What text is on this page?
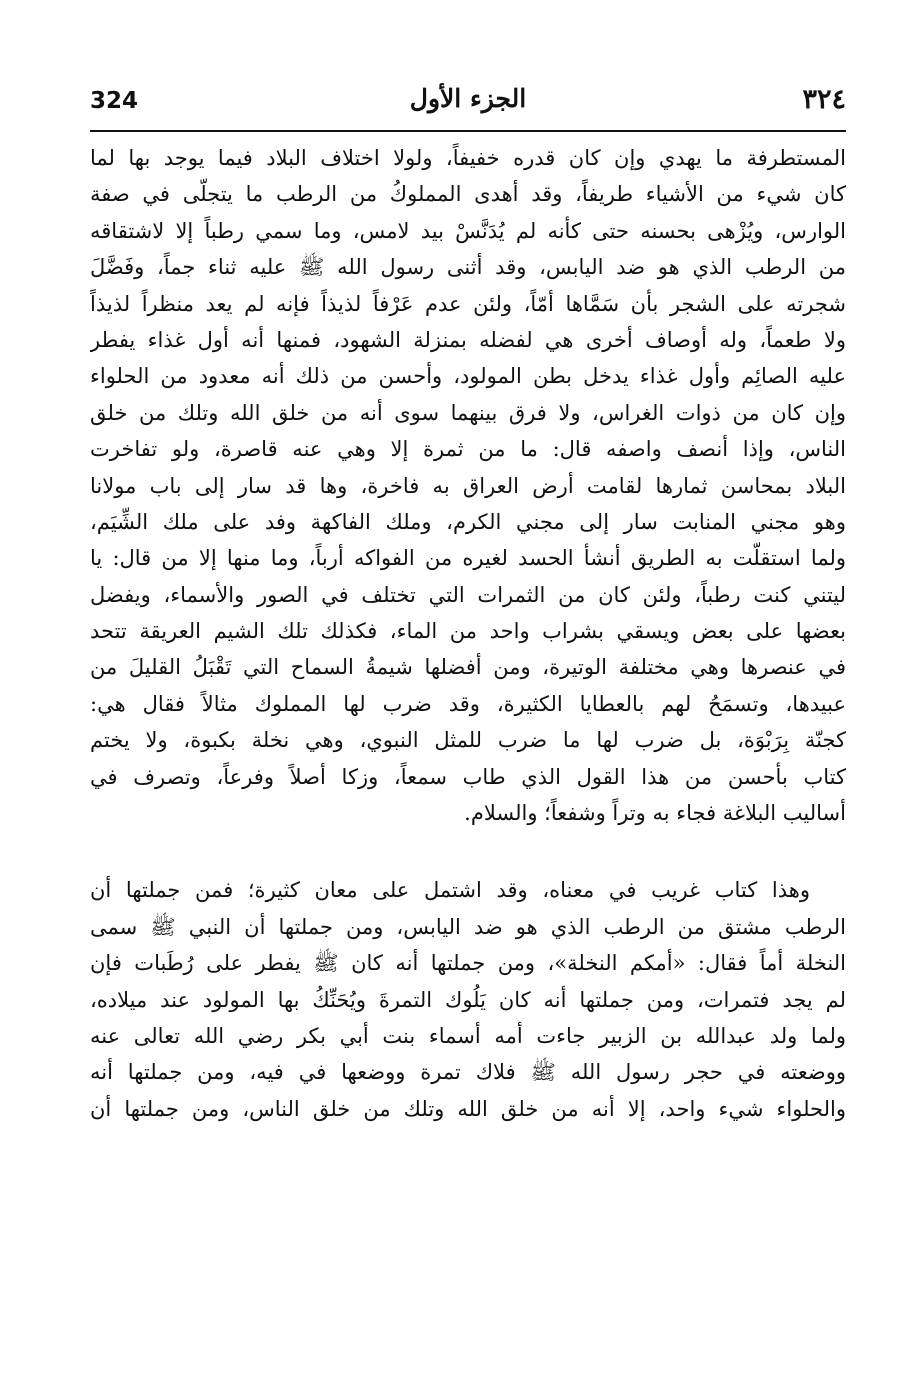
324	الجزء الأول	٣٢٤
المستطرفة ما يهدي وإن كان قدره خفيفاً، ولولا اختلاف البلاد فيما يوجد بها لما
كان شيء من الأشياء طريفاً، وقد أهدى المملوكُ من الرطب ما يتجلّى في صفة
الوارس، ويُزْهى بحسنه حتى كأنه لم يُدَنَّسْ بيد لامس، وما سمي رطباً إلا لاشتقاقه
من الرطب الذي هو ضد اليابس، وقد أثنى رسول الله ﷺ عليه ثناء جماً، وفَضَّلَ
شجرته على الشجر بأن سَمَّاها أمّاً، ولئن عدم عَرْفاً لذيذاً فإنه لم يعد منظراً لذيذاً
ولا طعماً، وله أوصاف أخرى هي لفضله بمنزلة الشهود، فمنها أنه أول غذاء يفطر
عليه الصائِم وأول غذاء يدخل بطن المولود، وأحسن من ذلك أنه معدود من الحلواء
وإن كان من ذوات الغراس، ولا فرق بينهما سوى أنه من خلق الله وتلك من خلق
الناس، وإذا أنصف واصفه قال: ما من ثمرة إلا وهي عنه قاصرة، ولو تفاخرت
البلاد بمحاسن ثمارها لقامت أرض العراق به فاخرة، وها قد سار إلى باب مولانا
وهو مجني المنابت سار إلى مجني الكرم، وملك الفاكهة وفد على ملك الشِّيَم،
ولما استقلّت به الطريق أنشأ الحسد لغيره من الفواكه أرباً، وما منها إلا من قال: يا
ليتني كنت رطباً، ولئن كان من الثمرات التي تختلف في الصور والأسماء، ويفضل
بعضها على بعض ويسقي بشراب واحد من الماء، فكذلك تلك الشيم العريقة تتحد
في عنصرها وهي مختلفة الوتيرة، ومن أفضلها شيمةُ السماح التي تَقْبَلُ القليلَ من
عبيدها، وتسمَحُ لهم بالعطايا الكثيرة، وقد ضرب لها المملوك مثالاً فقال هي:
كجنّة بِرَبْوَة، بل ضرب لها ما ضرب للمثل النبوي، وهي نخلة بكبوة، ولا يختم
كتاب بأحسن من هذا القول الذي طاب سمعاً، وزكا أصلاً وفرعاً، وتصرف في
أساليب البلاغة فجاء به وتراً وشفعاً؛ والسلام.
وهذا كتاب غريب في معناه، وقد اشتمل على معان كثيرة؛ فمن جملتها أن
الرطب مشتق من الرطب الذي هو ضد اليابس، ومن جملتها أن النبي ﷺ سمى
النخلة أماً فقال: «أمكم النخلة»، ومن جملتها أنه كان ﷺ يفطر على رُطَبات فإن
لم يجد فتمرات، ومن جملتها أنه كان يَلُوك التمرةَ ويُحَنِّكُ بها المولود عند ميلاده،
ولما ولد عبدالله بن الزبير جاءت أمه أسماء بنت أبي بكر رضي الله تعالى عنه
ووضعته في حجر رسول الله ﷺ فلاك تمرة ووضعها في فيه، ومن جملتها أنه
والحلواء شيء واحد، إلا أنه من خلق الله وتلك من خلق الناس، ومن جملتها أن
